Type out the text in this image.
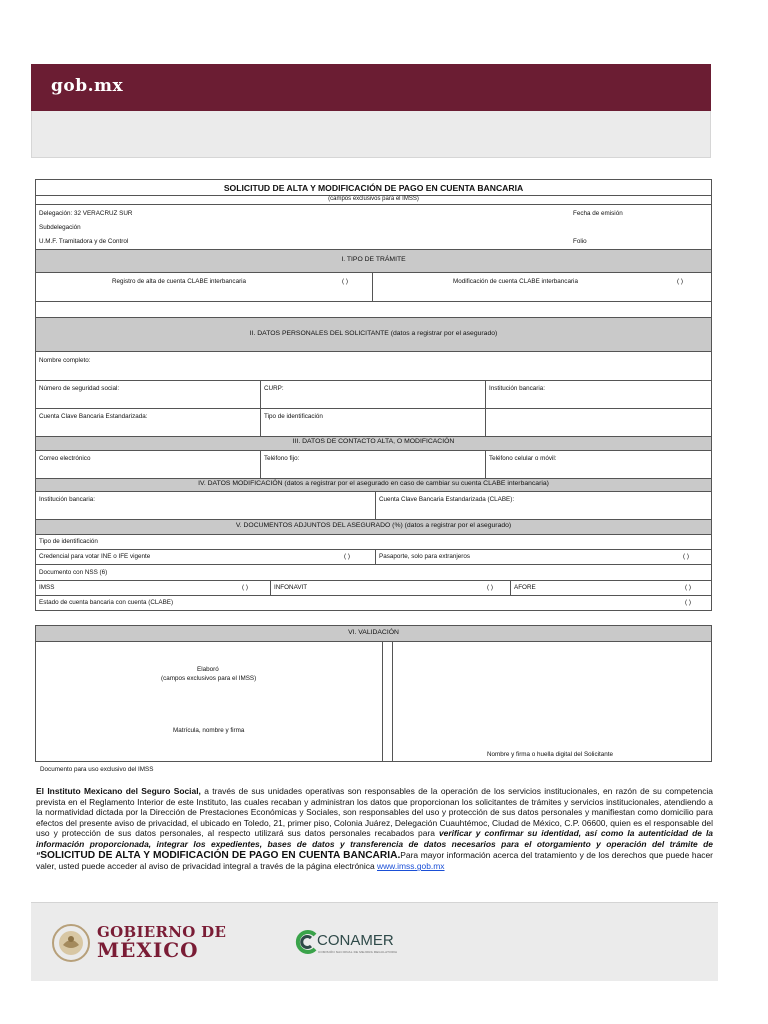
gob.mx
SOLICITUD DE ALTA Y MODIFICACIÓN DE PAGO EN CUENTA BANCARIA
(campos exclusivos para el IMSS)
Delegación: 32 VERACRUZ SUR	Fecha de emisión
Subdelegación
U.M.F. Tramitadora y de Control	Folio
I. TIPO DE TRÁMITE
Registro de alta de cuenta CLABE interbancaria	( )	Modificación de cuenta CLABE interbancaria	( )
II. DATOS PERSONALES DEL SOLICITANTE (datos a registrar por el asegurado)
Nombre completo:
Número de seguridad social:	CURP:	Institución bancaria:
Cuenta Clave Bancaria Estandarizada:	Tipo de identificación
III. DATOS DE CONTACTO ALTA, O MODIFICACIÓN
Correo electrónico	Teléfono fijo:	Teléfono celular o móvil:
IV. DATOS MODIFICACIÓN (datos a registrar por el asegurado en caso de cambiar su cuenta CLABE interbancaria)
Institución bancaria:	Cuenta Clave Bancaria Estandarizada (CLABE):
V. DOCUMENTOS ADJUNTOS DEL ASEGURADO (%) (datos a registrar por el asegurado)
Tipo de identificación
Credencial para votar INE o IFE vigente	( )	Pasaporte, solo para extranjeros	( )
Documento con NSS (6)
IMSS	( )	INFONAVIT	( )	AFORE	( )
Estado de cuenta bancaria con cuenta (CLABE)	( )
VI. VALIDACIÓN
Elaboró
(campos exclusivos para el IMSS)
Matrícula, nombre y firma
Nombre y firma o huella digital del Solicitante
Documento para uso exclusivo del IMSS
El Instituto Mexicano del Seguro Social, a través de sus unidades operativas son responsables de la operación de los servicios institucionales, en razón de su competencia prevista en el Reglamento Interior de este Instituto, las cuales recaban y administran los datos que proporcionan los solicitantes de trámites y servicios institucionales, atendiendo a la normatividad dictada por la Dirección de Prestaciones Económicas y Sociales, son responsables del uso y protección de sus datos personales y manifiestan como domicilio para efectos del presente aviso de privacidad, el ubicado en Toledo, 21, primer piso, Colonia Juárez, Delegación Cuauhtémoc, Ciudad de México, C.P. 06600, quien es el responsable del uso y protección de sus datos personales, al respecto utilizará sus datos personales recabados para verificar y confirmar su identidad, así como la autenticidad de la información proporcionada, integrar los expedientes, bases de datos y transferencia de datos necesarios para el otorgamiento y operación del trámite de “SOLICITUD DE ALTA Y MODIFICACIÓN DE PAGO EN CUENTA BANCARIA.Para mayor información acerca del tratamiento y de los derechos que puede hacer valer, usted puede acceder al aviso de privacidad integral a través de la página electrónica www.imss.gob.mx
GOBIERNO DE
MÉXICO	CONAMER
COMISIÓN NACIONAL DE MEJORA REGULATORIA
